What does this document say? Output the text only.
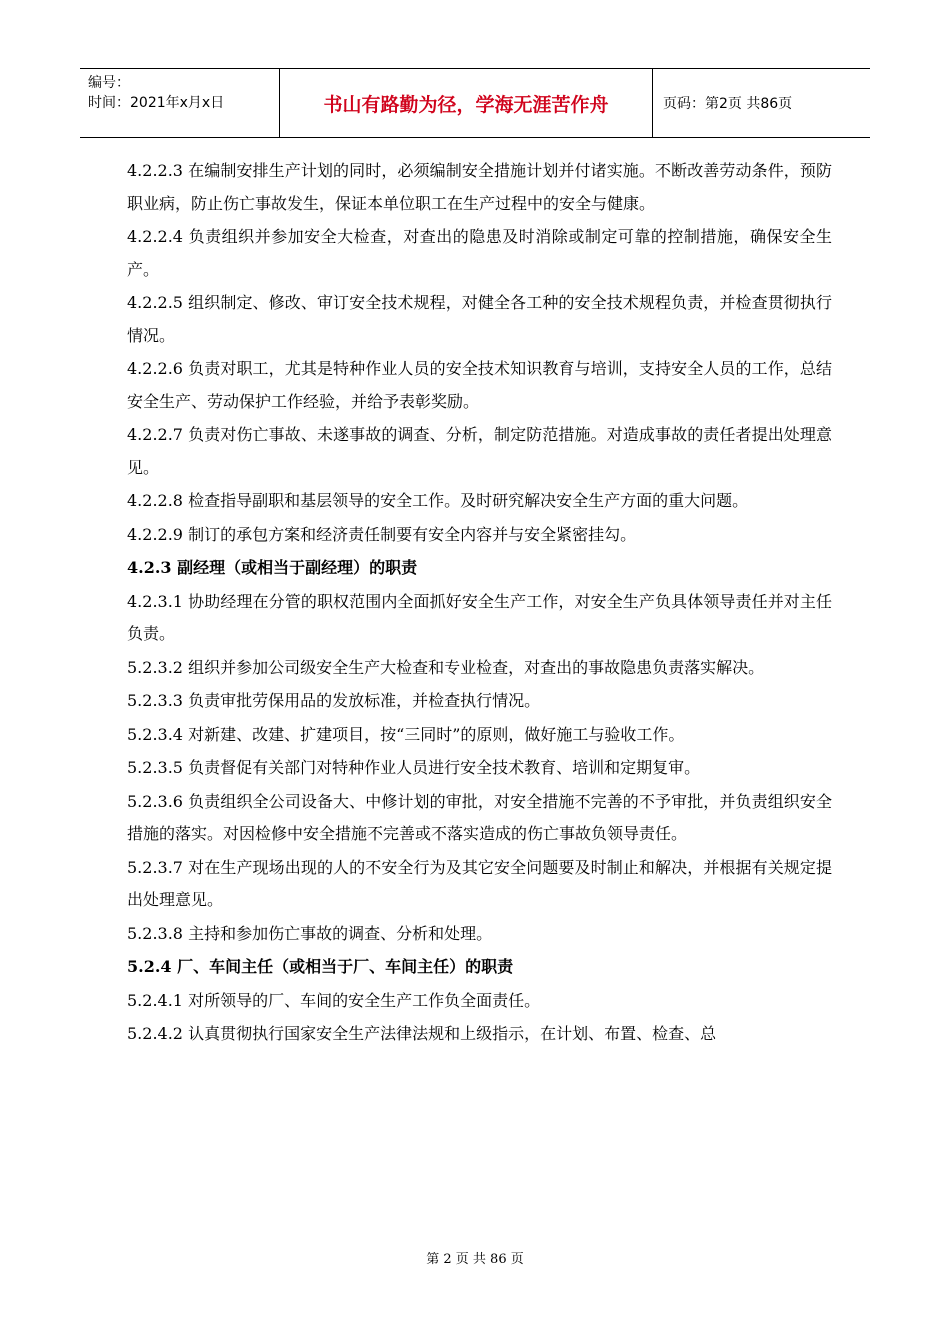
编号：
时间：2021年x月x日	书山有路勤为径，学海无涯苦作舟	页码：第2页 共86页

4.2.2.3 在编制安排生产计划的同时，必须编制安全措施计划并付诸实施。不断改善劳动条件，预防职业病，防止伤亡事故发生，保证本单位职工在生产过程中的安全与健康。

4.2.2.4 负责组织并参加安全大检查，对查出的隐患及时消除或制定可靠的控制措施，确保安全生产。

4.2.2.5 组织制定、修改、审订安全技术规程，对健全各工种的安全技术规程负责，并检查贯彻执行情况。

4.2.2.6 负责对职工，尤其是特种作业人员的安全技术知识教育与培训，支持安全人员的工作，总结安全生产、劳动保护工作经验，并给予表彰奖励。

4.2.2.7 负责对伤亡事故、未遂事故的调查、分析，制定防范措施。对造成事故的责任者提出处理意见。

4.2.2.8 检查指导副职和基层领导的安全工作。及时研究解决安全生产方面的重大问题。

4.2.2.9 制订的承包方案和经济责任制要有安全内容并与安全紧密挂勾。

4.2.3 副经理（或相当于副经理）的职责

4.2.3.1 协助经理在分管的职权范围内全面抓好安全生产工作，对安全生产负具体领导责任并对主任负责。

5.2.3.2 组织并参加公司级安全生产大检查和专业检查，对查出的事故隐患负责落实解决。

5.2.3.3 负责审批劳保用品的发放标准，并检查执行情况。

5.2.3.4 对新建、改建、扩建项目，按“三同时”的原则，做好施工与验收工作。

5.2.3.5 负责督促有关部门对特种作业人员进行安全技术教育、培训和定期复审。

5.2.3.6 负责组织全公司设备大、中修计划的审批，对安全措施不完善的不予审批，并负责组织安全措施的落实。对因检修中安全措施不完善或不落实造成的伤亡事故负领导责任。

5.2.3.7 对在生产现场出现的人的不安全行为及其它安全问题要及时制止和解决，并根据有关规定提出处理意见。

5.2.3.8 主持和参加伤亡事故的调查、分析和处理。

5.2.4 厂、车间主任（或相当于厂、车间主任）的职责

5.2.4.1 对所领导的厂、车间的安全生产工作负全面责任。

5.2.4.2 认真贯彻执行国家安全生产法律法规和上级指示，在计划、布置、检查、总

第 2 页 共 86 页
